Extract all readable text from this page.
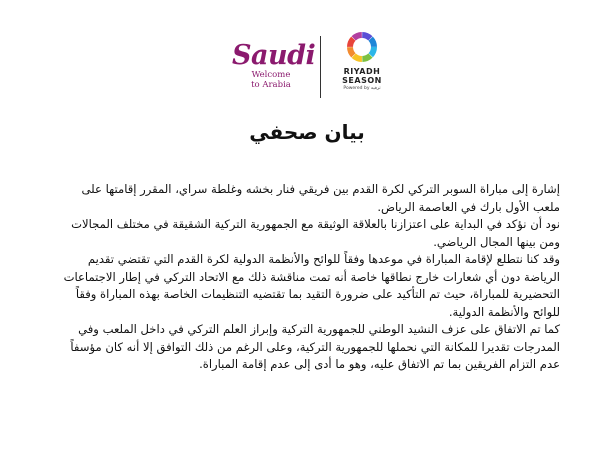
Saudi
Welcome
to Arabia
RIYADH
SEASON
Powered by ترفيه
بيان صحفي

إشارة إلى مباراة السوبر التركي لكرة القدم بين فريقي فنار بخشه وغلطة سراي، المقرر إقامتها على ملعب الأول بارك في العاصمة الرياض.

نود أن نؤكد في البداية على اعتزازنا بالعلاقة الوثيقة مع الجمهورية التركية الشقيقة في مختلف المجالات ومن بينها المجال الرياضي.

وقد كنا نتطلع لإقامة المباراة في موعدها وفقاً للوائح والأنظمة الدولية لكرة القدم التي تقتضي تقديم الرياضة دون أي شعارات خارج نطاقها خاصة أنه تمت مناقشة ذلك مع الاتحاد التركي في إطار الاجتماعات التحضيرية للمباراة، حيث تم التأكيد على ضرورة التقيد بما تقتضيه التنظيمات الخاصة بهذه المباراة وفقاً للوائح والأنظمة الدولية.

كما تم الاتفاق على عزف النشيد الوطني للجمهورية التركية وإبراز العلم التركي في داخل الملعب وفي المدرجات تقديرا للمكانة التي نحملها للجمهورية التركية، وعلى الرغم من ذلك التوافق إلا أنه كان مؤسفاً عدم التزام الفريقين بما تم الاتفاق عليه، وهو ما أدى إلى عدم إقامة المباراة.
